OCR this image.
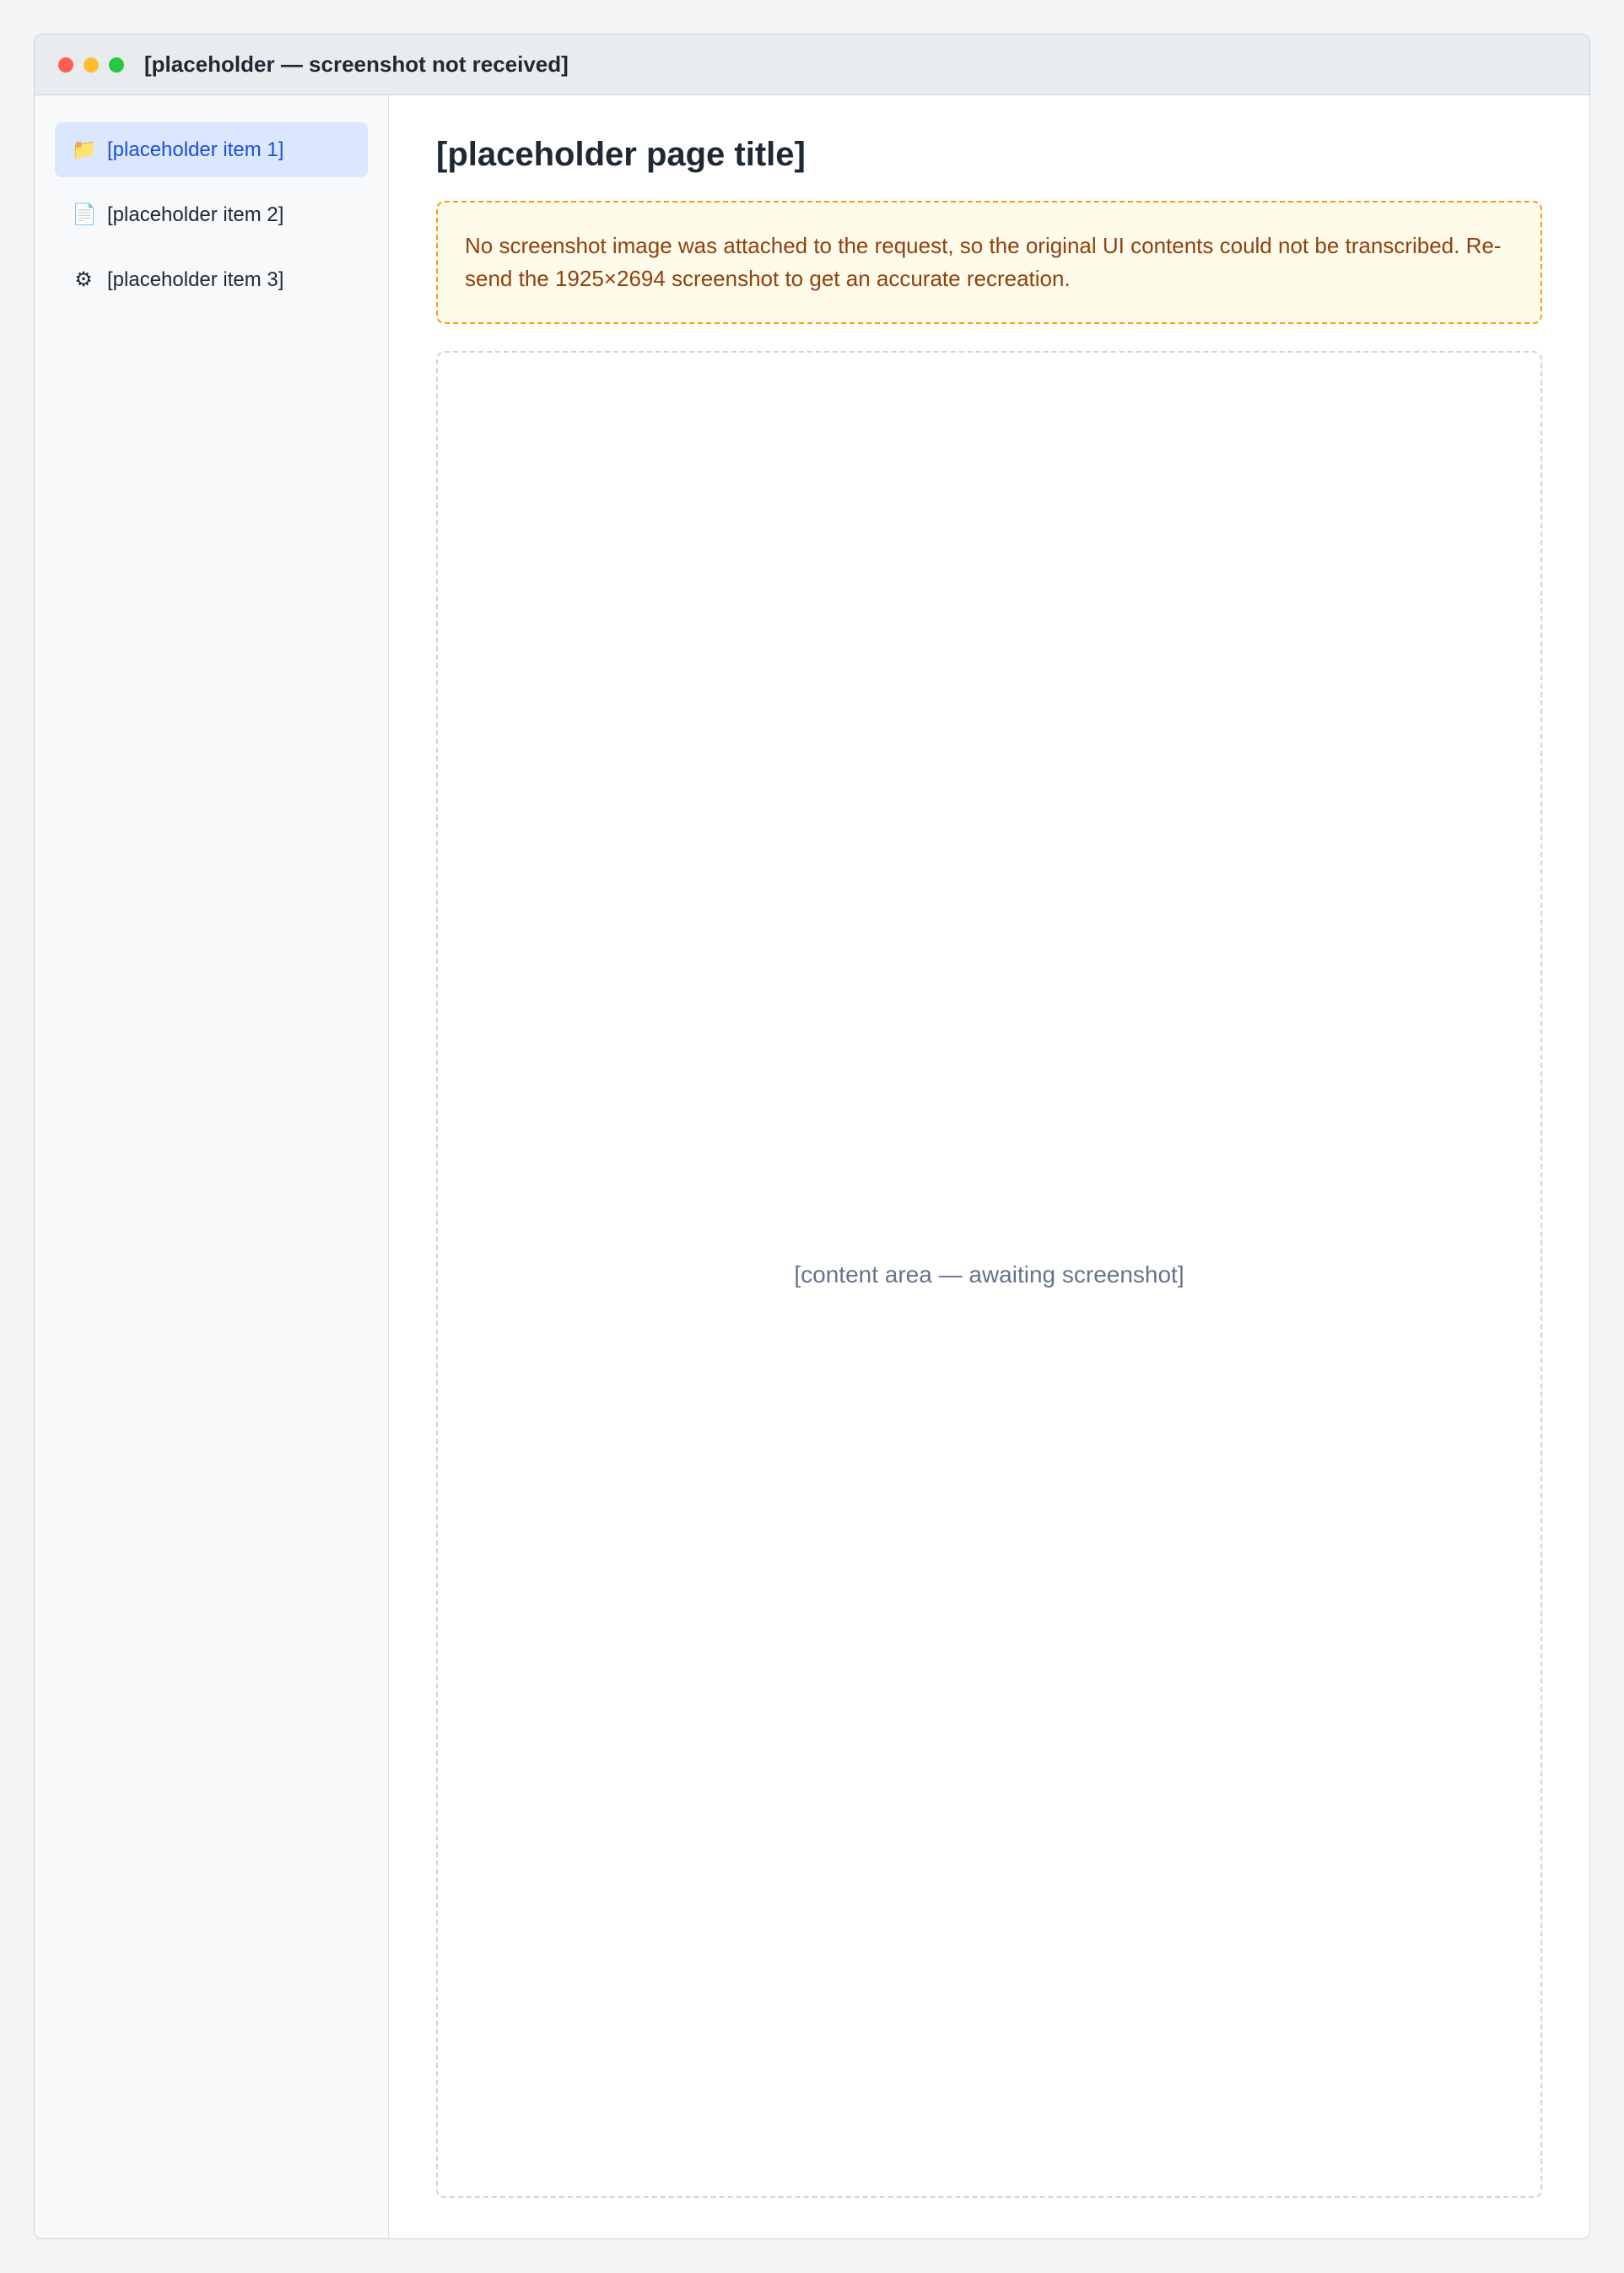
[placeholder — screenshot not received]
📁 [placeholder item 1]
📄 [placeholder item 2]
⚙ [placeholder item 3]
[placeholder page title]
No screenshot image was attached to the request, so the original UI contents could not be transcribed. Re-send the 1925×2694 screenshot to get an accurate recreation.
[content area — awaiting screenshot]
